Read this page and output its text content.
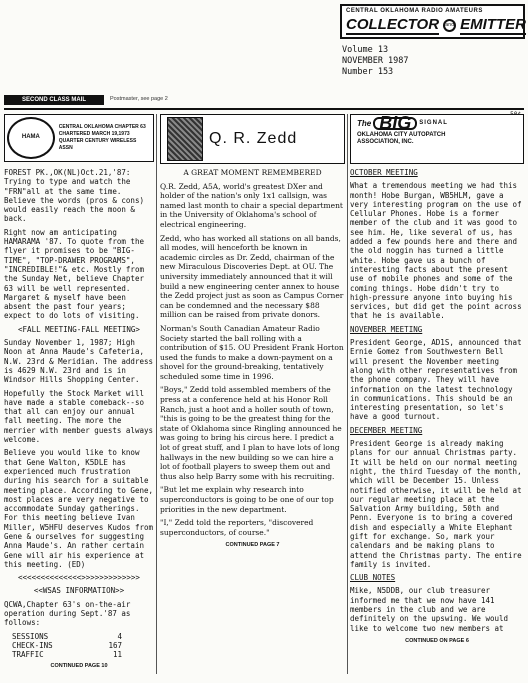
CENTRAL OKLAHOMA RADIO AMATEURS
COLLECTOR	and EMITTER
Volume 13
NOVEMBER 1987
Number 153
SECOND CLASS MAIL	Postmaster, see page 2
HAMA
CENTRAL OKLAHOMA CHAPTER 63
CHARTERED MARCH 19,1973
QUARTER CENTURY WIRELESS ASSN

FOREST PK.,OK(NL)Oct.21,'87: Trying to type and watch the "FRN"all at the same time. Believe the words (pros & cons) would easily reach the moon & back.

Right now am anticipating HAMARAMA '87. To quote from the flyer it promises to be "BIG-TIME", "TOP-DRAWER PROGRAMS", "INCREDIBLE!"& etc. Mostly from the Sunday Net, believe Chapter 63 will be well represented. Margaret & myself have been absent the past four years; expect to do lots of visiting.

<FALL MEETING-FALL MEETING>

Sunday November 1, 1987; High Noon at Anna Maude's Cafeteria, N.W. 23rd & Meridian. The address is 4629 N.W. 23rd and is in Windsor Hills Shopping Center.

Hopefully the Stock Market will have made a stable comeback--so that all can enjoy our annual fall meeting. The more the merrier with member guests always welcome.

Believe you would like to know that Gene Walton, K5DLE has experienced much frustration during his search for a suitable meeting place. According to Gene, most places are very negative to accommodate Sunday gatherings. For this meeting believe Ivan Miller, W5HFU deserves Kudos from Gene & ourselves for suggesting Anna Maude's. An rather certain Gene will air his experience at this meeting. (ED)

<<<<<<<<<<<<<<>>>>>>>>>>>>>
<<WSAS INFORMATION>>

QCWA,Chapter 63's on-the-air operation during Sept.'87 as follows:

SESSIONS	4
CHECK-INS	167
TRAFFIC	11
CONTINUED PAGE 10
Q. R. Zedd
A GREAT MOMENT REMEMBERED

Q.R. Zedd, A5A, world's greatest DXer and holder of the nation's only 1x1 callsign, was named last month to chair a special department in the University of Oklahoma's school of electrical engineering.

Zedd, who has worked all stations on all bands, all modes, will henceforth be known in academic circles as Dr. Zedd, chairman of the new Miraculous Discoveries Dept. at OU. The university immediately announced that it will build a new engineering center annex to house the Zedd project just as soon as Campus Corner can be condemned and the necessary $88 million can be raised from private donors.

Norman's South Canadian Amateur Radio Society started the ball rolling with a contribution of $15. OU President Frank Horton used the funds to make a down-payment on a shovel for the ground-breaking, tentatively scheduled some time in 1996.

"Boys," Zedd told assembled members of the press at a conference held at his Honor Roll Ranch, just a hoot and a holler south of town, "this is going to be the greatest thing for the state of Oklahoma since Ringling announced he was going to bring his circus here. I predict a lot of great stuff, and I plan to have lots of long hallways in the new building so we can hire a lot of football players to sweep them out and thus also help Barry some with his recruiting.

"But let me explain why research into superconductors is going to be one of our top priorities in the new department.

"I," Zedd told the reporters, "discovered superconductors, of course."

CONTINUED PAGE 7
The BIG	SIGNAL
OKLAHOMA CITY AUTOPATCH
ASSOCIATION, INC.
OCTOBER MEETING

What a tremendous meeting we had this month! Hobe Burgan, WB5HLM, gave a very interesting program on the use of Cellular Phones. Hobe is a former member of the club and it was good to see him. He, like several of us, has added a few pounds here and there and the old noggin has turned a little white. Hobe gave us a bunch of interesting facts about the present use of mobile phones and some of the coming things. Hobe didn't try to high-pressure anyone into buying his services, but did get the point across that he is available.

NOVEMBER MEETING

President George, AD1S, announced that Ernie Gomez from Southwestern Bell will present the November meeting along with other representatives from the phone company. They will have information on the latest technology in communications. This should be an interesting presentation, so let's have a good turnout.

DECEMBER MEETING

President George is already making plans for our annual Christmas party. It will be held on our normal meeting night, the third Tuesday of the month, which will be December 15. Unless notified otherwise, it will be held at our regular meeting place at the Salvation Army building, 50th and Penn. Everyone is to bring a covered dish and especially a White Elephant gift for exchange. So, mark your calendars and be making plans to attend the Christmas party. The entire family is invited.

CLUB NOTES

Mike, N5DDB, our club treasurer informed me that we now have 141 members in the club and we are definitely on the upswing. We would like to welcome two new members at

CONTINUED ON PAGE 6
